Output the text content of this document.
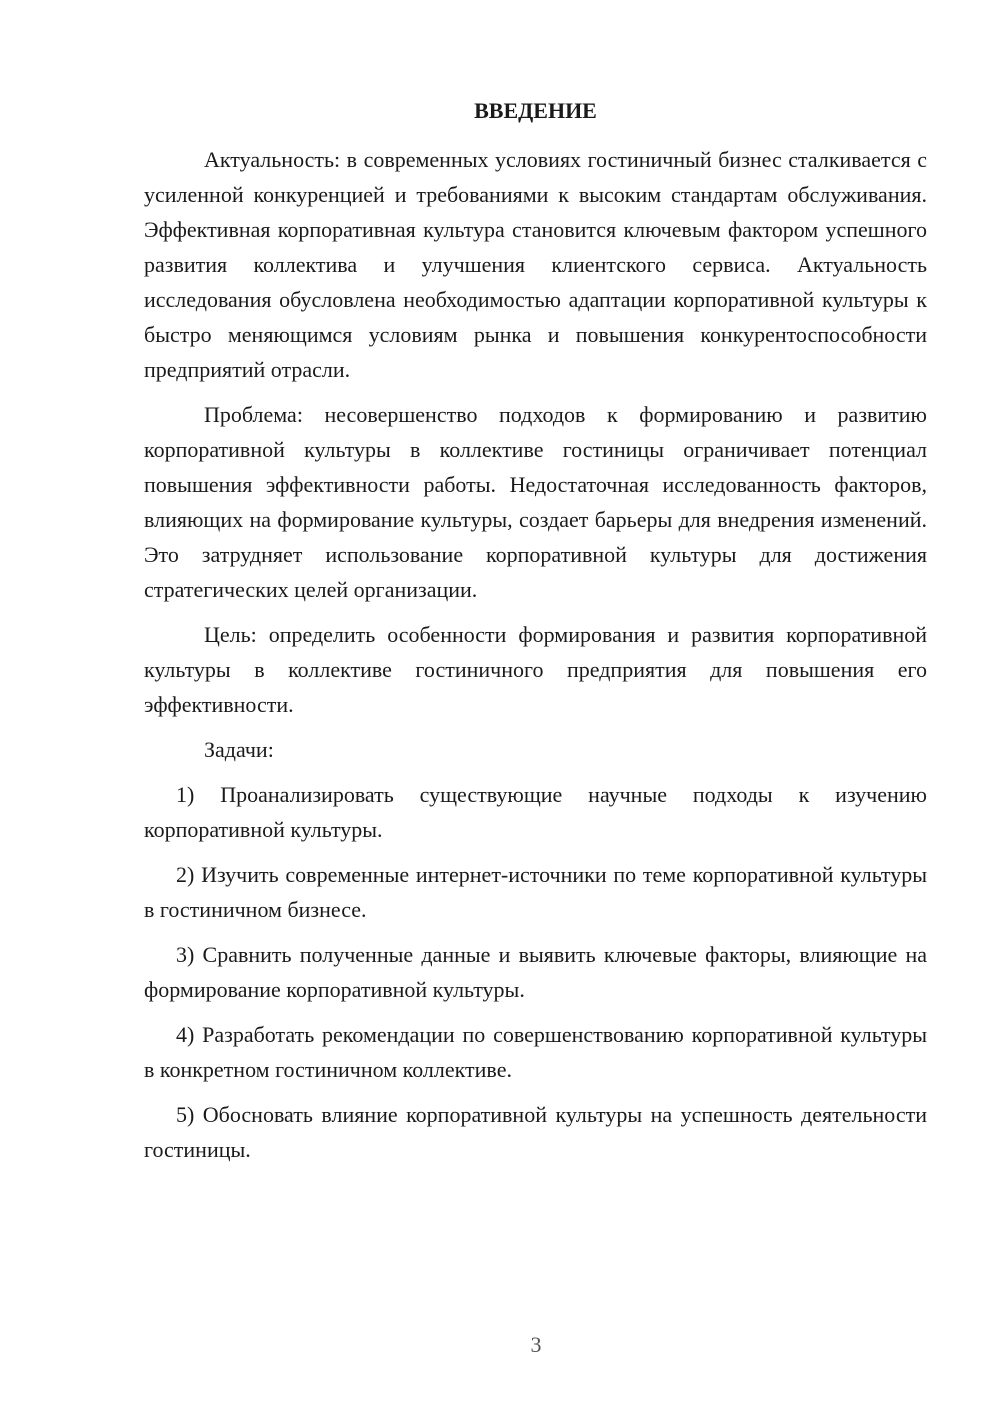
ВВЕДЕНИЕ

Актуальность: в современных условиях гостиничный бизнес сталкивается с усиленной конкуренцией и требованиями к высоким стандартам обслуживания. Эффективная корпоративная культура становится ключевым фактором успешного развития коллектива и улучшения клиентского сервиса. Актуальность исследования обусловлена необходимостью адаптации корпоративной культуры к быстро меняющимся условиям рынка и повышения конкурентоспособности предприятий отрасли.

Проблема: несовершенство подходов к формированию и развитию корпоративной культуры в коллективе гостиницы ограничивает потенциал повышения эффективности работы. Недостаточная исследованность факторов, влияющих на формирование культуры, создает барьеры для внедрения изменений. Это затрудняет использование корпоративной культуры для достижения стратегических целей организации.

Цель: определить особенности формирования и развития корпоративной культуры в коллективе гостиничного предприятия для повышения его эффективности.

Задачи:

1) Проанализировать существующие научные подходы к изучению корпоративной культуры.

2) Изучить современные интернет-источники по теме корпоративной культуры в гостиничном бизнесе.

3) Сравнить полученные данные и выявить ключевые факторы, влияющие на формирование корпоративной культуры.

4) Разработать рекомендации по совершенствованию корпоративной культуры в конкретном гостиничном коллективе.

5) Обосновать влияние корпоративной культуры на успешность деятельности гостиницы.

3
